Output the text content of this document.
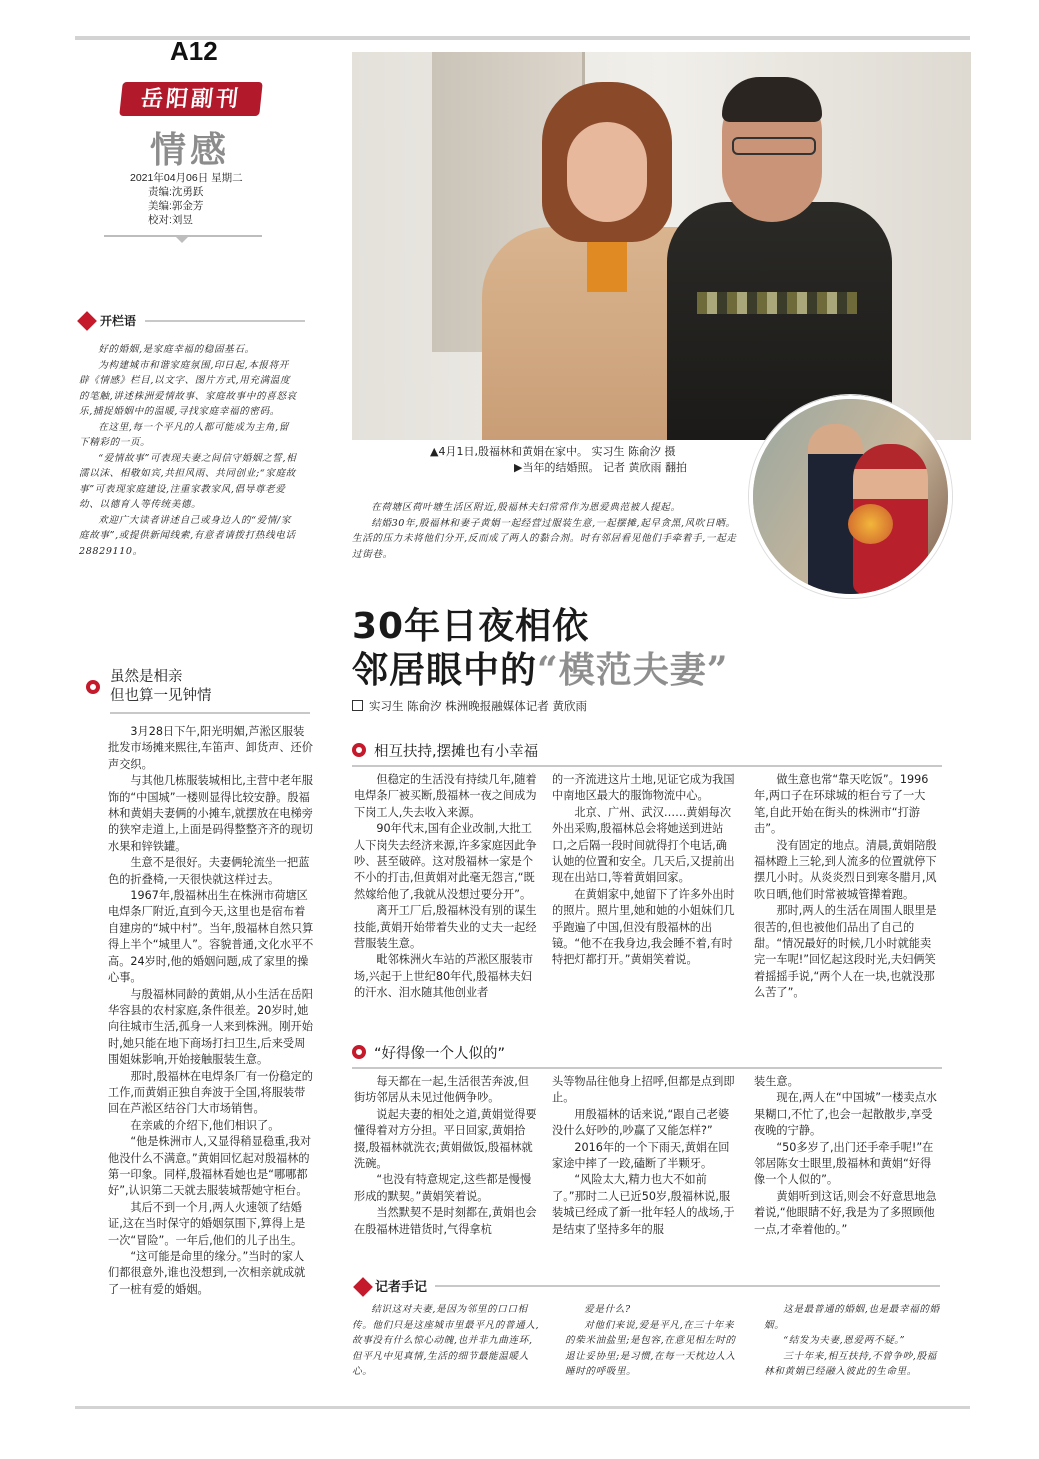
A12
岳阳副刊
情感
2021年04月06日 星期二
责编:沈勇跃
美编:郭金芳
校对:刘昱
开栏语

好的婚姻,是家庭幸福的稳固基石。

为构建城市和谐家庭氛围,印日起,本报将开辟《情感》栏目,以文字、图片方式,用充满温度的笔触,讲述株洲爱情故事、家庭故事中的喜怒哀乐,捕捉婚姻中的温暖,寻找家庭幸福的密码。

在这里,每一个平凡的人都可能成为主角,留下精彩的一页。

“爱情故事”可表现夫妻之间信守婚姻之誓,相濡以沫、相敬如宾,共担风雨、共同创业;“家庭故事”可表现家庭建设,注重家教家风,倡导尊老爱幼、以德育人等传统美德。

欢迎广大读者讲述自己或身边人的“爱情/家庭故事”,或提供新闻线索,有意者请拨打热线电话28829110。

▲4月1日,殷福林和黄娟在家中。 实习生 陈俞汐 摄
▶当年的结婚照。 记者 黄欣雨 翻拍

在荷塘区荷叶塘生活区附近,殷福林夫妇常常作为恩爱典范被人提起。

结婚30年,殷福林和妻子黄娟一起经营过服装生意,一起摆摊,起早贪黑,风吹日晒。生活的压力未将他们分开,反而成了两人的黏合剂。时有邻居看见他们手牵着手,一起走过街巷。

30年日夜相依
邻居眼中的“模范夫妻”
实习生 陈俞汐 株洲晚报融媒体记者 黄欣雨
虽然是相亲
但也算一见钟情

3月28日下午,阳光明媚,芦淞区服装批发市场摊来熙往,车笛声、卸货声、还价声交织。

与其他几栋服装城相比,主营中老年服饰的“中国城”一楼则显得比较安静。殷福林和黄娟夫妻俩的小摊车,就摆放在电梯旁的狭窄走道上,上面是码得整整齐齐的现切水果和锌铁罐。

生意不是很好。夫妻俩轮流坐一把蓝色的折叠椅,一天很快就这样过去。

1967年,殷福林出生在株洲市荷塘区电焊条厂附近,直到今天,这里也是宿布着自建房的“城中村”。当年,殷福林自然只算得上半个“城里人”。容貌普通,文化水平不高。24岁时,他的婚姻问题,成了家里的操心事。

与殷福林同龄的黄娟,从小生活在岳阳华容县的农村家庭,条件很差。20岁时,她向往城市生活,孤身一人来到株洲。刚开始时,她只能在地下商场打扫卫生,后来受周围姐妹影响,开始接触服装生意。

那时,殷福林在电焊条厂有一份稳定的工作,而黄娟正独自奔波于全国,将服装带回在芦淞区结谷门大市场销售。

在亲戚的介绍下,他们相识了。

“他是株洲市人,又显得稍显稳重,我对他没什么不满意。”黄娟回忆起对殷福林的第一印象。同样,殷福林看她也是“哪哪都好”,认识第二天就去服装城帮她守柜台。

其后不到一个月,两人火速领了结婚证,这在当时保守的婚姻氛围下,算得上是一次“冒险”。一年后,他们的儿子出生。

“这可能是命里的缘分。”当时的家人们都很意外,谁也没想到,一次相亲就成就了一桩有爱的婚姻。

相互扶持,摆摊也有小幸福

但稳定的生活没有持续几年,随着电焊条厂被买断,殷福林一夜之间成为下岗工人,失去收入来源。

90年代末,国有企业改制,大批工人下岗失去经济来源,许多家庭因此争吵、甚至破碎。这对殷福林一家是个不小的打击,但黄娟对此毫无怨言,“既然嫁给他了,我就从没想过要分开”。

离开工厂后,殷福林没有别的谋生技能,黄娟开始带着失业的丈夫一起经营服装生意。

毗邻株洲火车站的芦淞区服装市场,兴起于上世纪80年代,殷福林夫妇的汗水、泪水随其他创业者

的一齐流进这片土地,见证它成为我国中南地区最大的服饰物流中心。

北京、广州、武汉……黄娟每次外出采购,殷福林总会将她送到进站口,之后隔一段时间就得打个电话,确认她的位置和安全。几天后,又提前出现在出站口,等着黄娟回家。

在黄娟家中,她留下了许多外出时的照片。照片里,她和她的小姐妹们几乎跑遍了中国,但没有殷福林的出镜。“他不在我身边,我会睡不着,有时特把灯都打开。”黄娟笑着说。

做生意也常“靠天吃饭”。1996年,两口子在环球城的柜台亏了一大笔,自此开始在街头的株洲市“打游击”。

没有固定的地点。清晨,黄娟陪殷福林蹬上三轮,到人流多的位置就停下摆几小时。从炎炎烈日到寒冬腊月,风吹日晒,他们时常被城管撵着跑。

那时,两人的生活在周围人眼里是很苦的,但也被他们品出了自己的甜。“情况最好的时候,几小时就能卖完一车呢!”回忆起这段时光,夫妇俩笑着摇摇手说,“两个人在一块,也就没那么苦了”。

“好得像一个人似的”

每天都在一起,生活很苦奔波,但街坊邻居从未见过他俩争吵。

说起夫妻的相处之道,黄娟觉得要懂得着对方分担。平日回家,黄娟拾掇,殷福林就洗衣;黄娟做饭,殷福林就洗碗。

“也没有特意规定,这些都是慢慢形成的默契。”黄娟笑着说。

当然默契不是时刻都在,黄娟也会在殷福林进错货时,气得拿杭

头等物品往他身上招呼,但都是点到即止。

用殷福林的话来说,“跟自己老婆没什么好吵的,吵赢了又能怎样?”

2016年的一个下雨天,黄娟在回家途中摔了一跤,磕断了半颗牙。

“风险太大,精力也大不如前了。”那时二人已近50岁,殷福林说,服装城已经成了新一批年轻人的战场,于是结束了坚持多年的服

装生意。

现在,两人在“中国城”一楼卖点水果糊口,不忙了,也会一起散散步,享受夜晚的宁静。

“50多岁了,出门还手牵手呢!”在邻居陈女士眼里,殷福林和黄娟“好得像一个人似的”。

黄娟听到这话,则会不好意思地急着说,“他眼睛不好,我是为了多照顾他一点,才牵着他的。”

记者手记

结识这对夫妻,是因为邻里的口口相传。他们只是这座城市里最平凡的普通人,故事没有什么惊心动魄,也并非九曲连环,但平凡中见真情,生活的细节最能温暖人心。

爱是什么?

对他们来说,爱是平凡,在三十年来的柴米油盐里;是包容,在意见相左时的退让妥协里;是习惯,在每一天枕边人入睡时的呼吸里。

这是最普通的婚姻,也是最幸福的婚姻。

“结发为夫妻,恩爱两不疑。”

三十年来,相互扶持,不曾争吵,殷福林和黄娟已经融入彼此的生命里。
